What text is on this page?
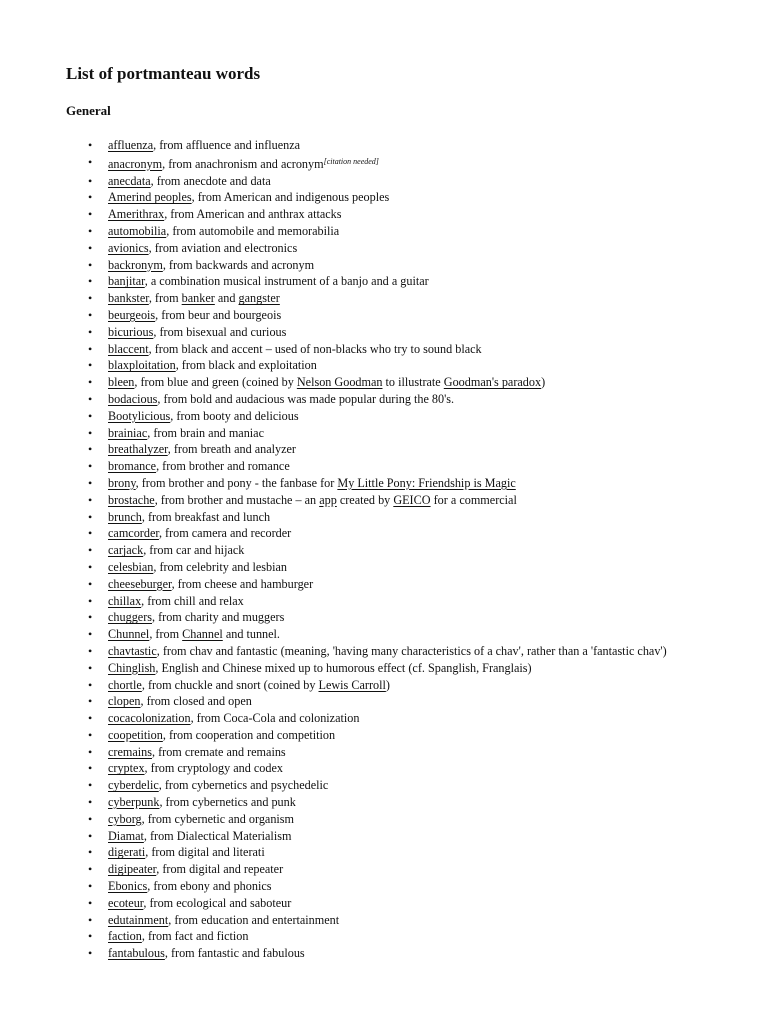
List of portmanteau words
General
• affluenza, from affluence and influenza
• anacronym, from anachronism and acronym[citation needed]
• anecdata, from anecdote and data
• Amerind peoples, from American and indigenous peoples
• Amerithrax, from American and anthrax attacks
• automobilia, from automobile and memorabilia
• avionics, from aviation and electronics
• backronym, from backwards and acronym
• banjitar, a combination musical instrument of a banjo and a guitar
• bankster, from banker and gangster
• beurgeois, from beur and bourgeois
• bicurious, from bisexual and curious
• blaccent, from black and accent – used of non-blacks who try to sound black
• blaxploitation, from black and exploitation
• bleen, from blue and green (coined by Nelson Goodman to illustrate Goodman's paradox)
• bodacious, from bold and audacious was made popular during the 80's.
• Bootylicious, from booty and delicious
• brainiac, from brain and maniac
• breathalyzer, from breath and analyzer
• bromance, from brother and romance
• brony, from brother and pony - the fanbase for My Little Pony: Friendship is Magic
• brostache, from brother and mustache – an app created by GEICO for a commercial
• brunch, from breakfast and lunch
• camcorder, from camera and recorder
• carjack, from car and hijack
• celesbian, from celebrity and lesbian
• cheeseburger, from cheese and hamburger
• chillax, from chill and relax
• chuggers, from charity and muggers
• Chunnel, from Channel and tunnel.
• chavtastic, from chav and fantastic (meaning, 'having many characteristics of a chav', rather than a 'fantastic chav')
• Chinglish, English and Chinese mixed up to humorous effect (cf. Spanglish, Franglais)
• chortle, from chuckle and snort (coined by Lewis Carroll)
• clopen, from closed and open
• cocacolonization, from Coca-Cola and colonization
• coopetition, from cooperation and competition
• cremains, from cremate and remains
• cryptex, from cryptology and codex
• cyberdelic, from cybernetics and psychedelic
• cyberpunk, from cybernetics and punk
• cyborg, from cybernetic and organism
• Diamat, from Dialectical Materialism
• digerati, from digital and literati
• digipeater, from digital and repeater
• Ebonics, from ebony and phonics
• ecoteur, from ecological and saboteur
• edutainment, from education and entertainment
• faction, from fact and fiction
• fantabulous, from fantastic and fabulous
